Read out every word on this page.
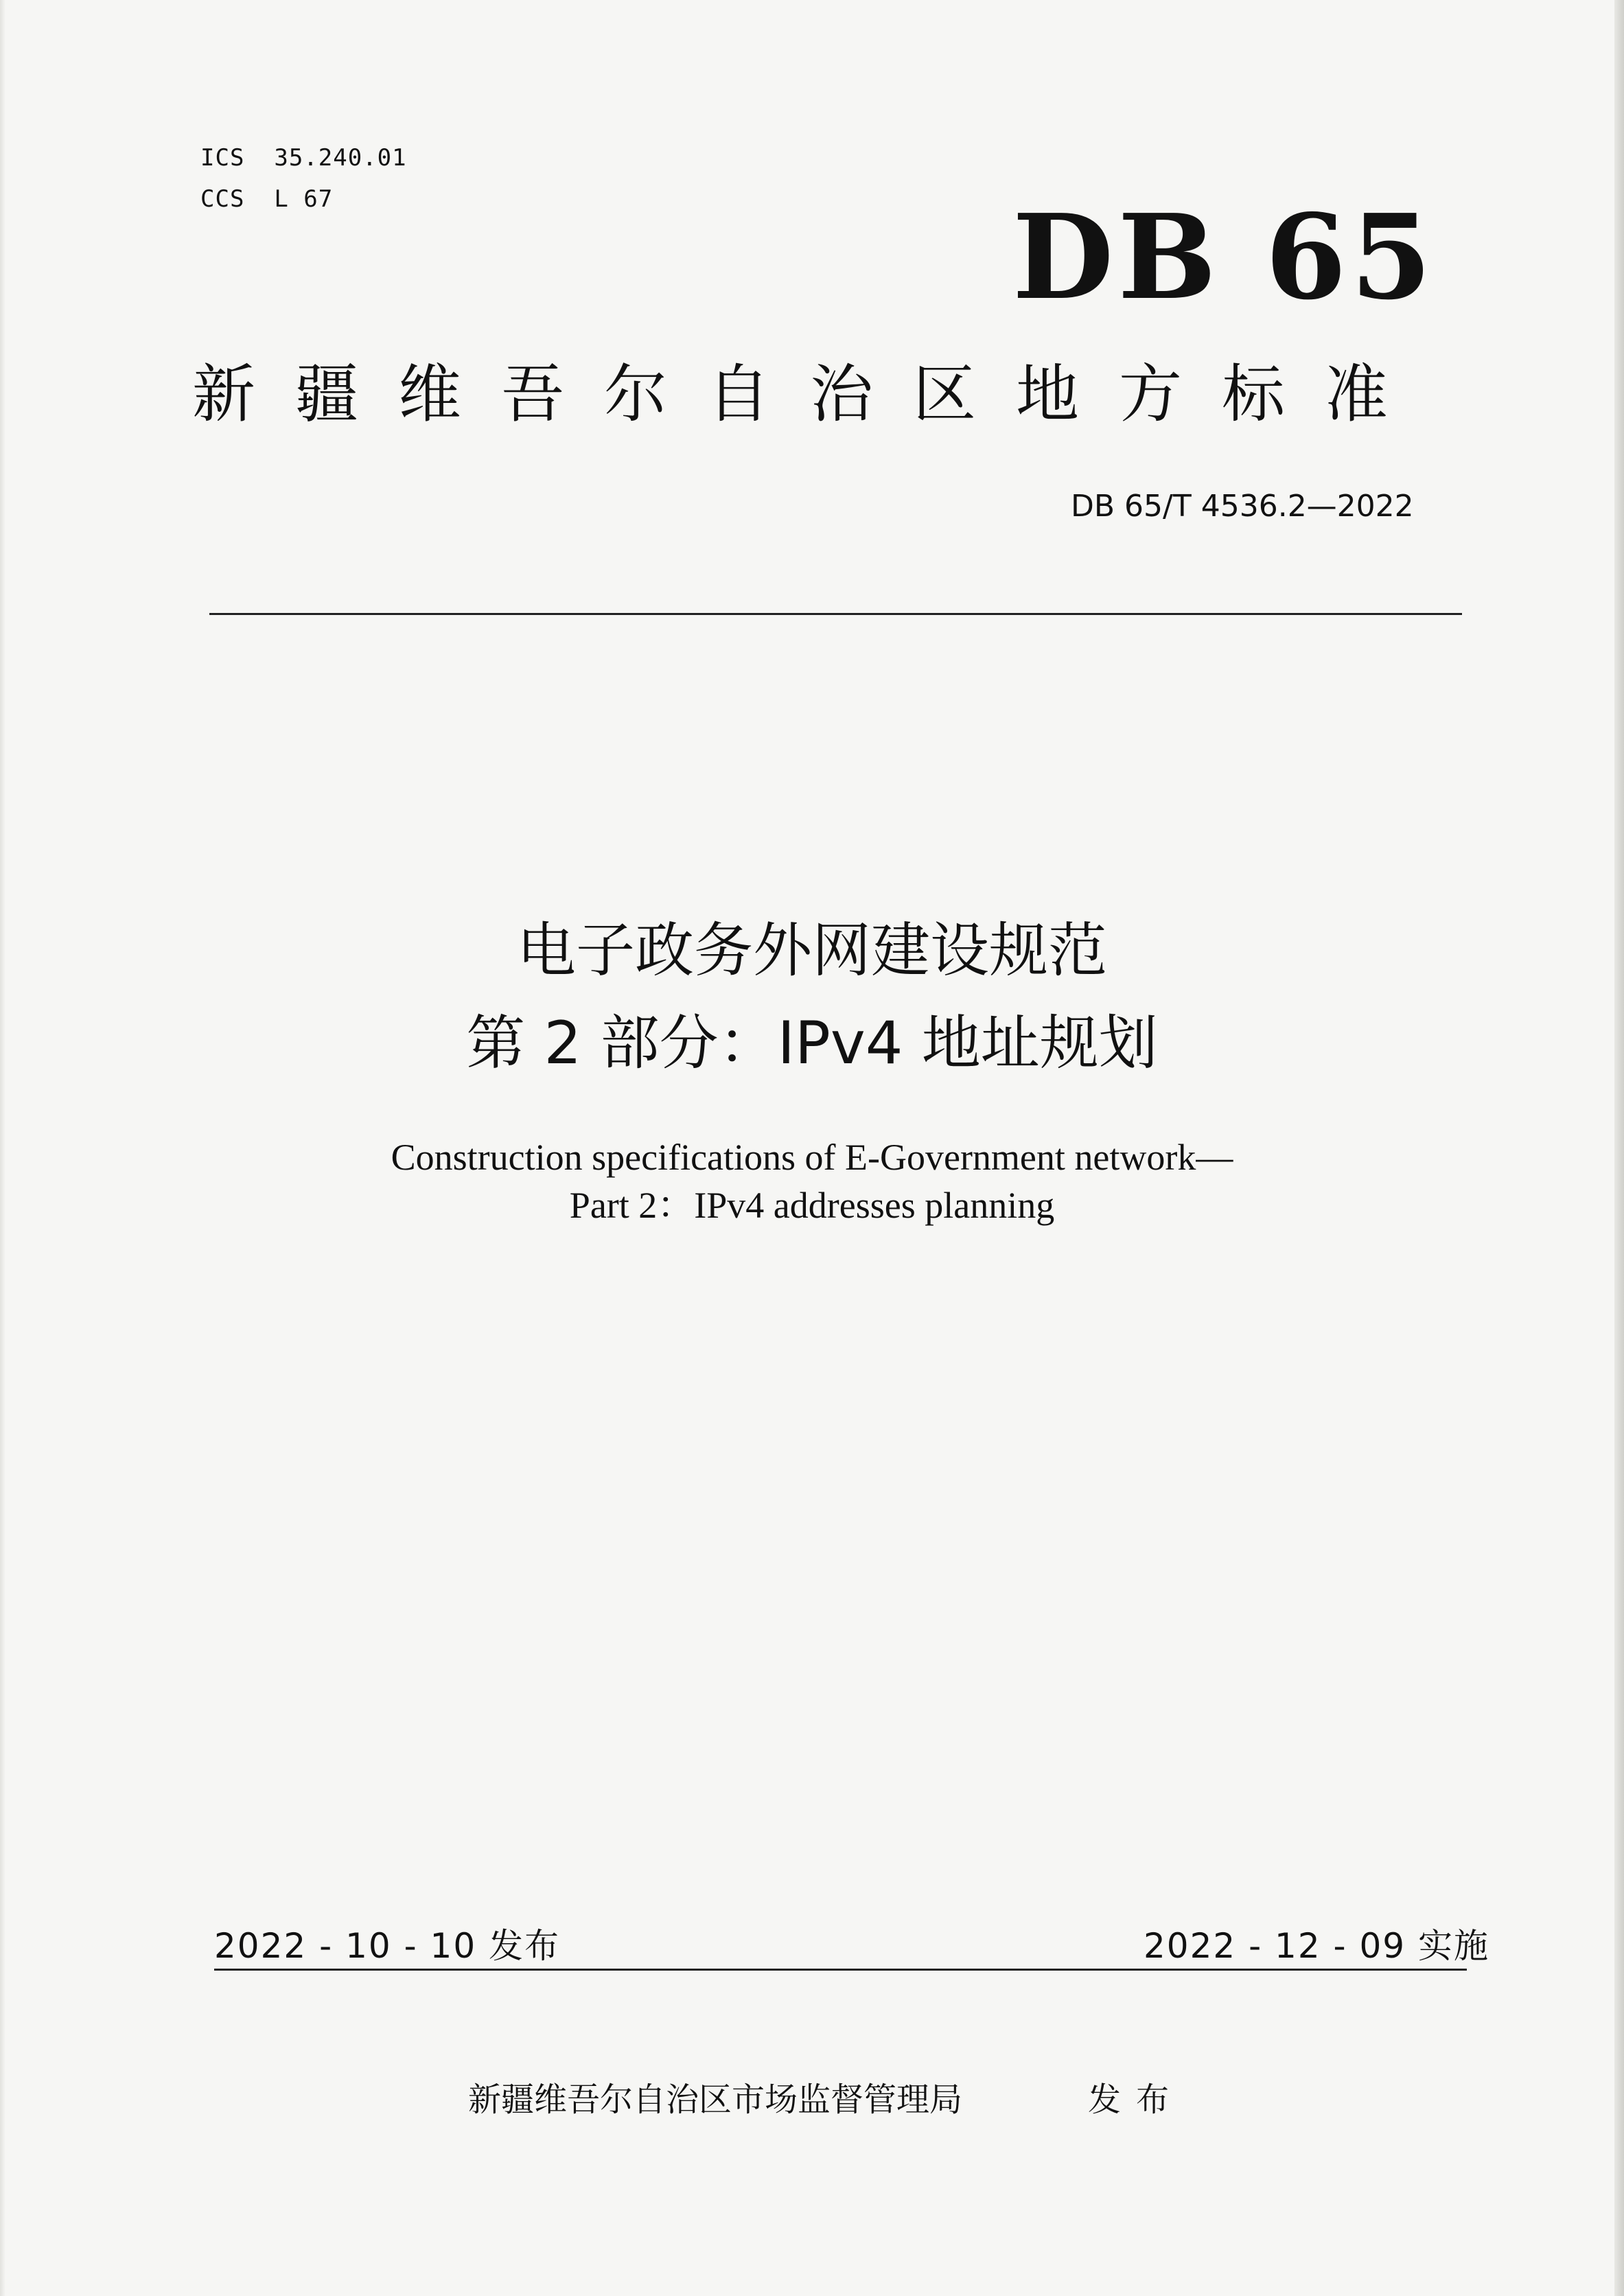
ICS  35.240.01
CCS  L 67	DB 65
新疆维吾尔自治区地方标准
DB 65/T 4536.2—2022
电子政务外网建设规范
第 2 部分：IPv4 地址规划
Construction specifications of E-Government network—
Part 2：IPv4 addresses planning
2022 - 10 - 10 发布	2022 - 12 - 09 实施
新疆维吾尔自治区市场监督管理局	发布
